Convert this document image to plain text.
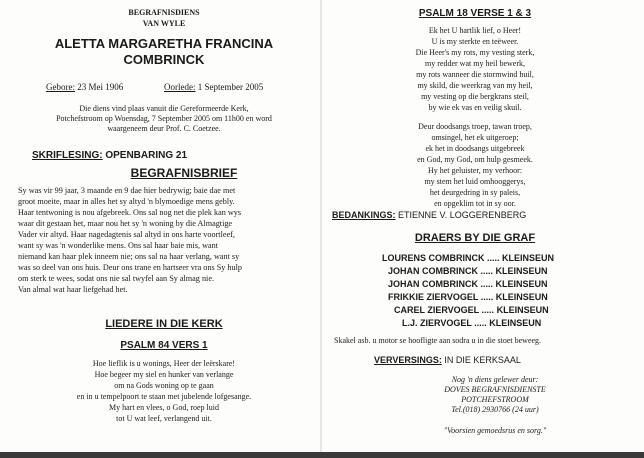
BEGRAFNISDIENS
VAN WYLE
ALETTA MARGARETHA FRANCINA
COMBRINCK
Gebore: 23 Mei 1906	Oorlede: 1 September 2005
Die diens vind plaas vanuit die Gereformeerde Kerk,
Potchefstroom op Woensdag, 7 September 2005 om 11h00 en word
waargeneem deur Prof. C. Coetzee.
SKRIFLESING: OPENBARING 21
BEGRAFNISBRIEF
Sy was vir 99 jaar, 3 maande en 9 dae hier bedrywig; baie dae met
groot moeite, maar in alles het sy altyd 'n blymoedige mens gebly.
Haar tentwoning is nou afgebreek. Ons sal nog net die plek kan wys
waar dit gestaan het, maar nou het sy 'n woning by die Almagtige
Vader vir altyd. Haar nagedagtenis sal altyd in ons harte voortleef,
want sy was 'n wonderlike mens. Ons sal haar baie mis, want
niemand kan haar plek inneem nie; ons sal na haar verlang, want sy
was so deel van ons huis. Deur ons trane en hartseer vra ons Sy hulp
om sterk te wees, sodat ons nie sal twyfel aan Sy almag nie.
Van almal wat haar liefgehad het.
LIEDERE IN DIE KERK
PSALM 84 VERS 1
Hoe lieflik is u wonings, Heer der leërskare!
Hoe begeer my siel en hunker van verlange
om na Gods woning op te gaan
en in u tempelpoort te staan met jubelende lofgesange.
My hart en vlees, o God, roep luid
tot U wat leef, verlangend uit.
PSALM 18 VERSE 1 & 3
Ek het U hartlik lief, o Heer!
U is my sterkte en teëweer.
Die Heer's my rots, my vesting sterk,
my redder wat my heil bewerk,
my rots wanneer die stormwind huil,
my skild, die weerkrag van my heil,
my vesting op die bergkrans steil,
by wie ek vas en veilig skuil.
Deur doodsangs troep, tawan troep,
omsingel, het ek uitgeroep;
ek het in doodsangs uitgebreek
en God, my God, om hulp gesmeek.
Hy het geluister, my verhoor:
my stem het luid omhooggerys,
het deurgedring in sy paleis,
en opgeklim tot in sy oor.
BEDANKINGS: ETIENNE V. LOGGERENBERG
DRAERS BY DIE GRAF
LOURENS COMBRINCK ..... KLEINSEUN
JOHAN COMBRINCK ..... KLEINSEUN
JOHAN COMBRINCK ..... KLEINSEUN
FRIKKIE ZIERVOGEL ..... KLEINSEUN
CAREL ZIERVOGEL ..... KLEINSEUN
L.J. ZIERVOGEL ..... KLEINSEUN
Skakel asb. u motor se hoofligte aan sodra u in die stoet beweeg.
VERVERSINGS: IN DIE KERKSAAL
Nog 'n diens gelewer deur:
DOVES BEGRAFNISDIENSTE
POTCHEFSTROOM
Tel.(018) 2930766 (24 uur)
"Voorsien gemoedsrus en sorg."
